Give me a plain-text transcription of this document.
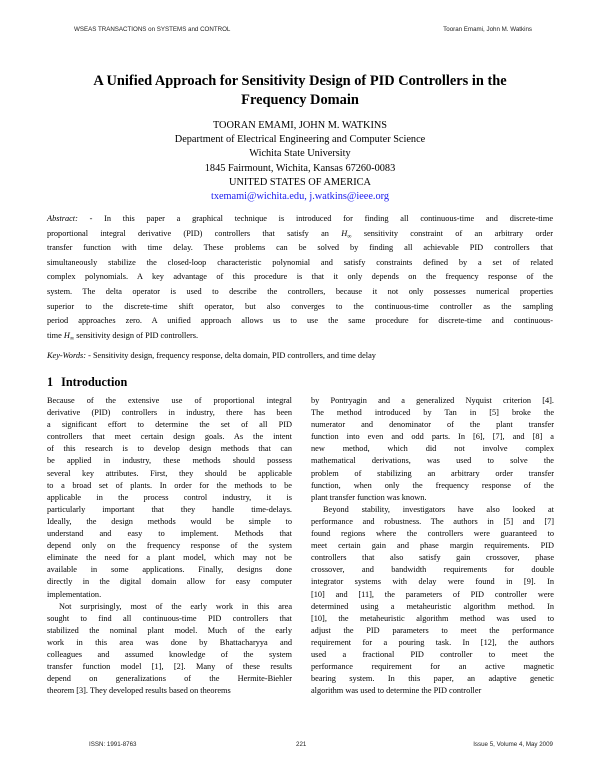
WSEAS TRANSACTIONS on SYSTEMS and CONTROL	Tooran Emami, John M. Watkins
A Unified Approach for Sensitivity Design of PID Controllers in the
Frequency Domain
TOORAN EMAMI, JOHN M. WATKINS
Department of Electrical Engineering and Computer Science
Wichita State University
1845 Fairmount, Wichita, Kansas 67260-0083
UNITED STATES OF AMERICA
txemami@wichita.edu, j.watkins@ieee.org
Abstract: - In this paper a graphical technique is introduced for finding all continuous-time and discrete-time
proportional integral derivative (PID) controllers that satisfy an $H_\infty$ sensitivity constraint of an arbitrary order
transfer function with time delay. These problems can be solved by finding all achievable PID controllers that
simultaneously stabilize the closed-loop characteristic polynomial and satisfy constraints defined by a set of related
complex polynomials. A key advantage of this procedure is that it only depends on the frequency response of the
system. The delta operator is used to describe the controllers, because it not only possesses numerical properties
superior to the discrete-time shift operator, but also converges to the continuous-time controller as the sampling
period approaches zero. A unified approach allows us to use the same procedure for discrete-time and continuous-
time $H_\infty$ sensitivity design of PID controllers.
Key-Words: - Sensitivity design, frequency response, delta domain, PID controllers, and time delay
1 Introduction
Because of the extensive use of proportional integral
derivative (PID) controllers in industry, there has been
a significant effort to determine the set of all PID
controllers that meet certain design goals. As the intent
of this research is to develop design methods that can
be applied in industry, these methods should possess
several key attributes. First, they should be applicable
to a broad set of plants. In order for the methods to be
applicable in the process control industry, it is
particularly important that they handle time-delays.
Ideally, the design methods would be simple to
understand and easy to implement. Methods that
depend only on the frequency response of the system
eliminate the need for a plant model, which may not be
available in some applications. Finally, designs done
directly in the digital domain allow for easy computer
implementation.
Not surprisingly, most of the early work in this area
sought to find all continuous-time PID controllers that
stabilized the nominal plant model. Much of the early
work in this area was done by Bhattacharyya and
colleagues and assumed knowledge of the system
transfer function model [1], [2]. Many of these results
depend on generalizations of the Hermite-Biehler
theorem [3]. They developed results based on theorems
by Pontryagin and a generalized Nyquist criterion [4].
The method introduced by Tan in [5] broke the
numerator and denominator of the plant transfer
function into even and odd parts. In [6], [7], and [8] a
new method, which did not involve complex
mathematical derivations, was used to solve the
problem of stabilizing an arbitrary order transfer
function, when only the frequency response of the
plant transfer function was known.
Beyond stability, investigators have also looked at
performance and robustness. The authors in [5] and [7]
found regions where the controllers were guaranteed to
meet certain gain and phase margin requirements. PID
controllers that also satisfy gain crossover, phase
crossover, and bandwidth requirements for double
integrator systems with delay were found in [9]. In
[10] and [11], the parameters of PID controller were
determined using a metaheuristic algorithm method. In
[10], the metaheuristic algorithm method was used to
adjust the PID parameters to meet the performance
requirement for a pouring task. In [12], the authors
used a fractional PID controller to meet the
performance requirement for an active magnetic
bearing system. In this paper, an adaptive genetic
algorithm was used to determine the PID controller
ISSN: 1991-8763	221	Issue 5, Volume 4, May 2009
